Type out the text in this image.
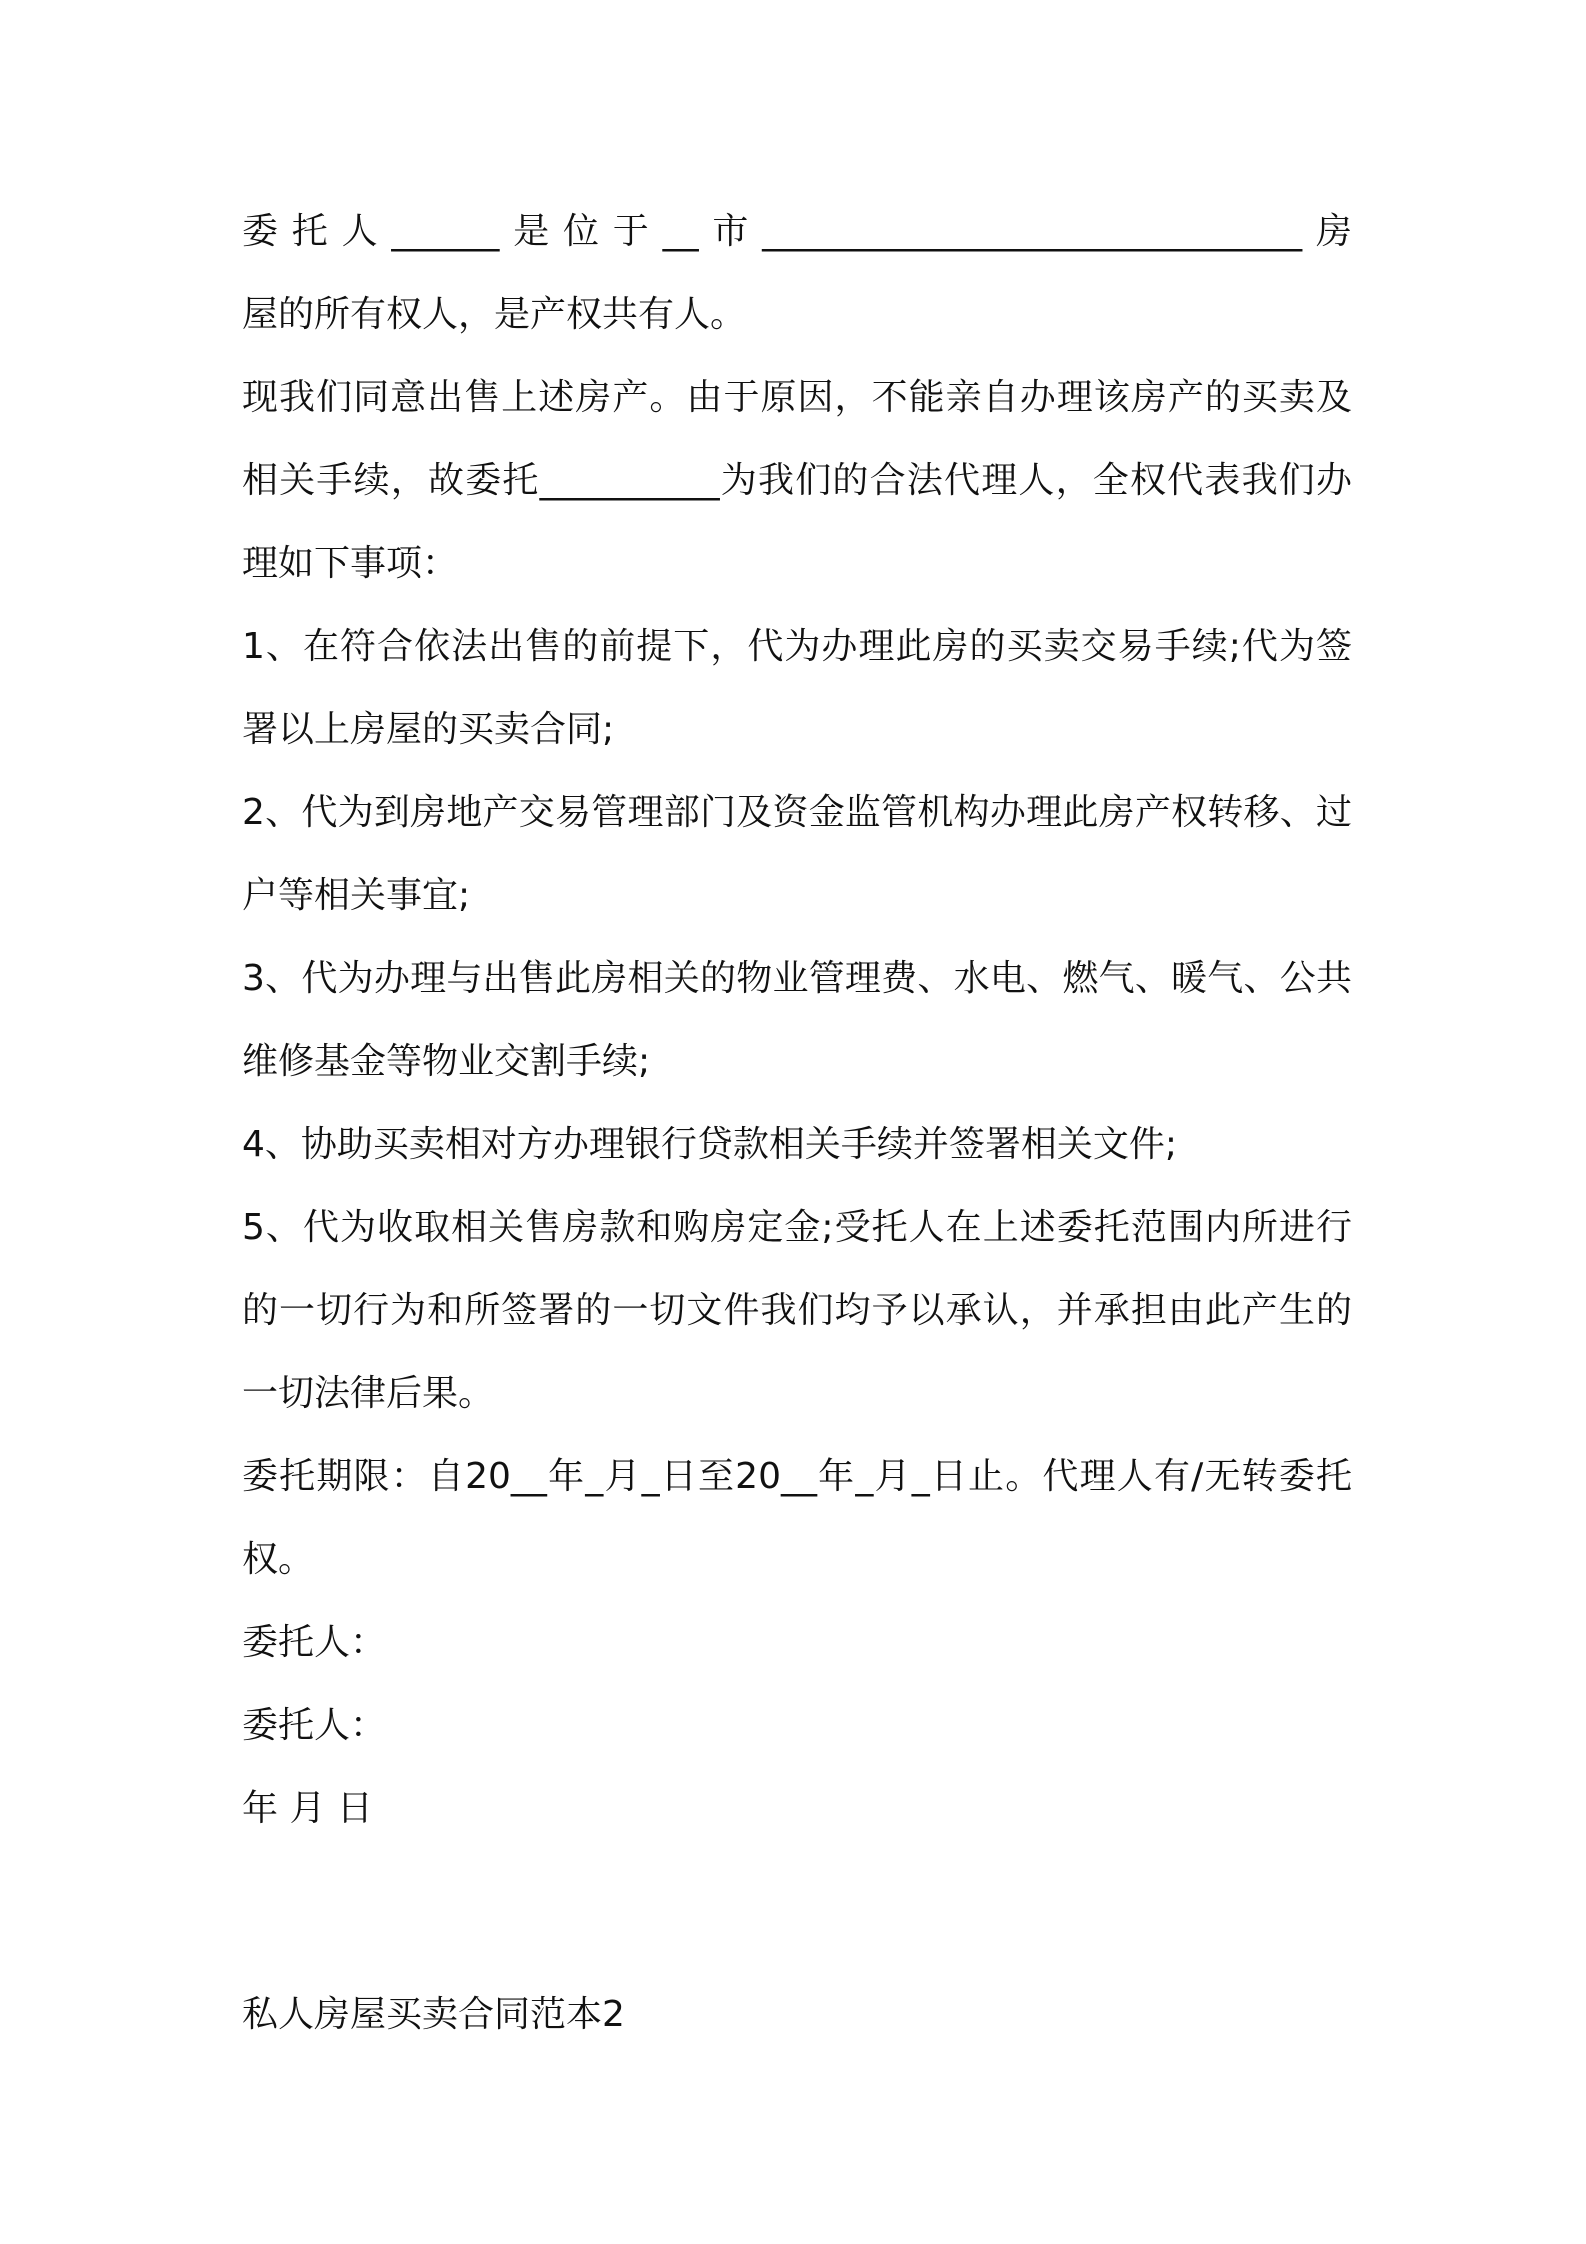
委托人______是位于__市______________________________房

屋的所有权人，是产权共有人。

现我们同意出售上述房产。由于原因，不能亲自办理该房产的买卖及相关手续，故委托__________为我们的合法代理人，全权代表我们办理如下事项：

1、在符合依法出售的前提下，代为办理此房的买卖交易手续;代为签署以上房屋的买卖合同;

2、代为到房地产交易管理部门及资金监管机构办理此房产权转移、过户等相关事宜;

3、代为办理与出售此房相关的物业管理费、水电、燃气、暖气、公共维修基金等物业交割手续;

4、协助买卖相对方办理银行贷款相关手续并签署相关文件;

5、代为收取相关售房款和购房定金;受托人在上述委托范围内所进行的一切行为和所签署的一切文件我们均予以承认，并承担由此产生的一切法律后果。

委托期限：自20__年_月_日至20__年_月_日止。代理人有/无转委托权。

委托人：

委托人：

年 月 日

私人房屋买卖合同范本2
